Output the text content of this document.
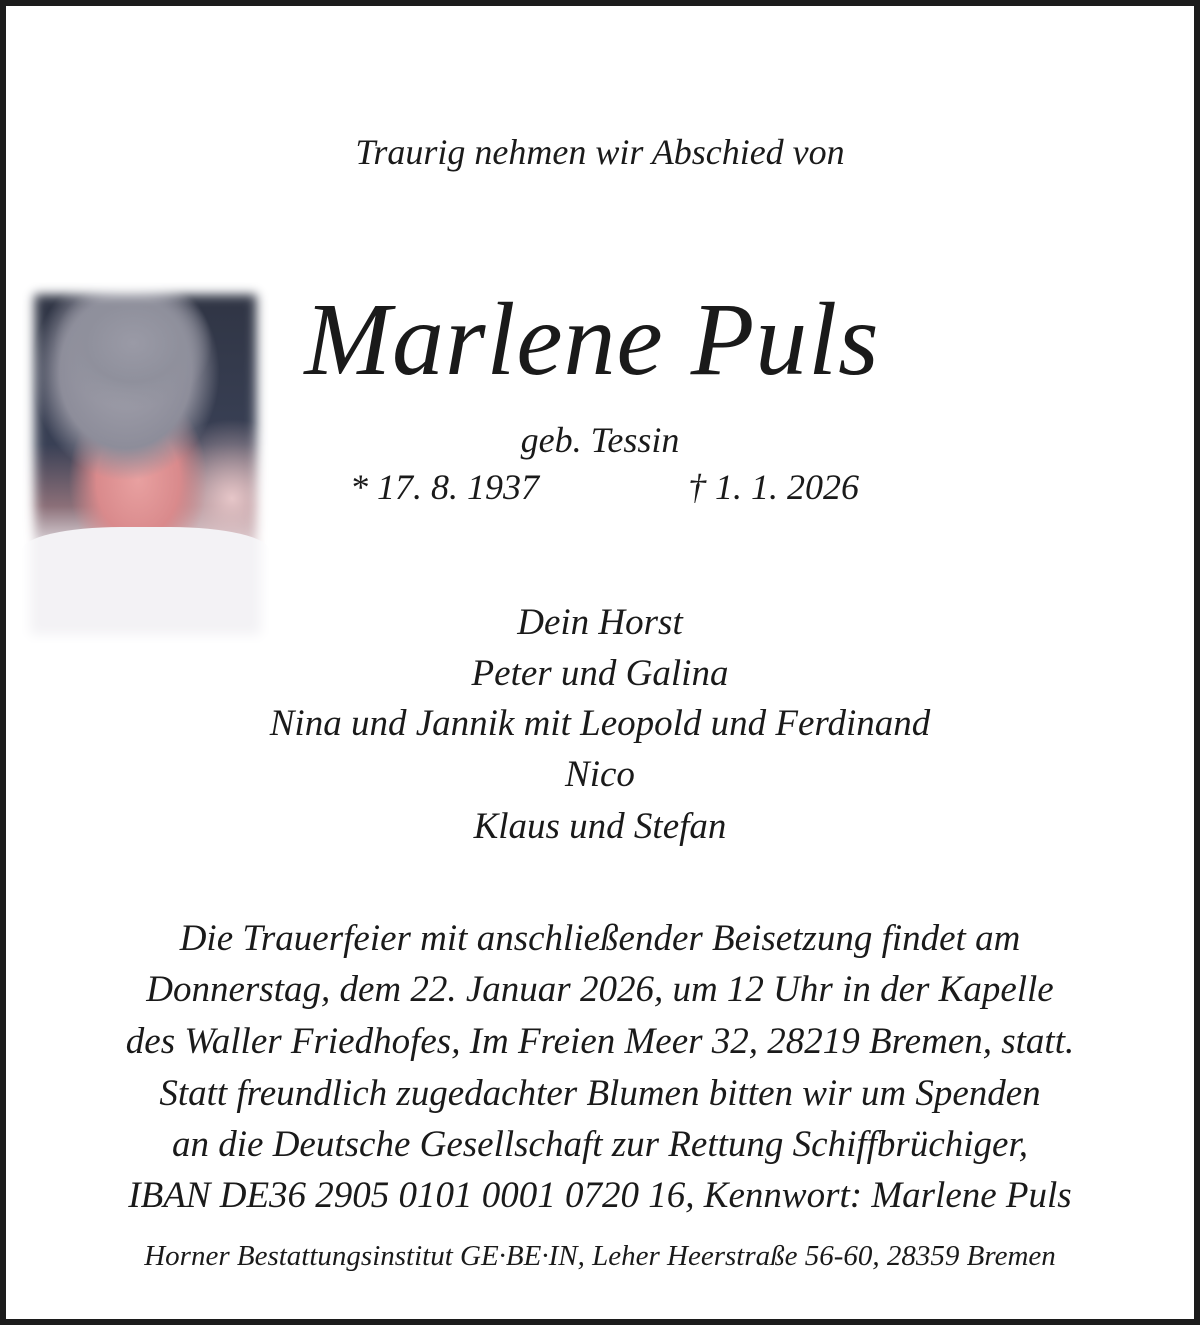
Traurig nehmen wir Abschied von
Marlene Puls
geb. Tessin
* 17. 8. 1937	† 1. 1. 2026
Dein Horst
Peter und Galina
Nina und Jannik mit Leopold und Ferdinand
Nico
Klaus und Stefan
Die Trauerfeier mit anschließender Beisetzung findet am
Donnerstag, dem 22. Januar 2026, um 12 Uhr in der Kapelle
des Waller Friedhofes, Im Freien Meer 32, 28219 Bremen, statt.
Statt freundlich zugedachter Blumen bitten wir um Spenden
an die Deutsche Gesellschaft zur Rettung Schiffbrüchiger,
IBAN DE36 2905 0101 0001 0720 16, Kennwort: Marlene Puls
Horner Bestattungsinstitut GE·BE·IN, Leher Heerstraße 56-60, 28359 Bremen
